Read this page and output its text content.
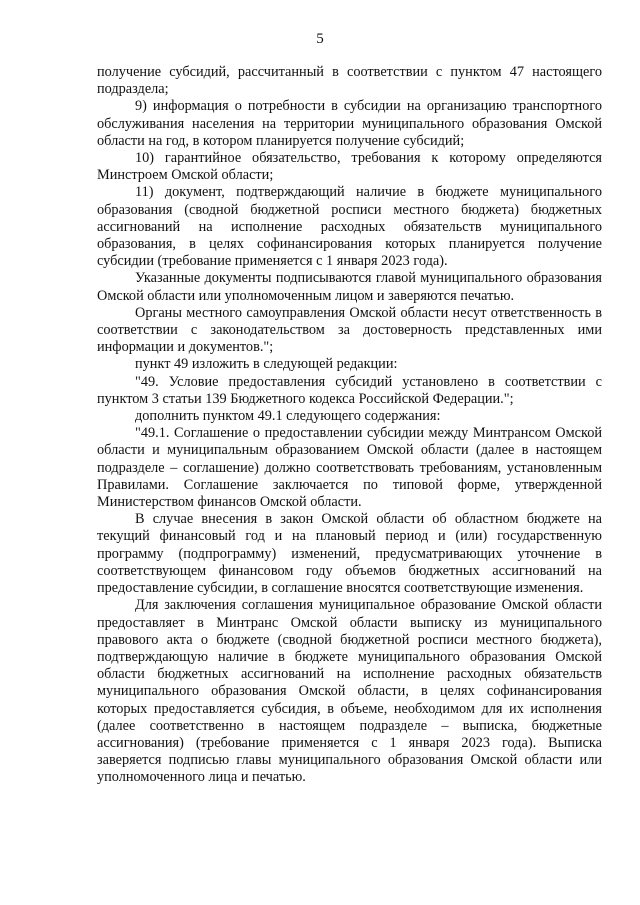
5

получение субсидий, рассчитанный в соответствии с пунктом 47 настоящего подраздела;

9) информация о потребности в субсидии на организацию транспортного обслуживания населения на территории муниципального образования Омской области на год, в котором планируется получение субсидий;

10) гарантийное обязательство, требования к которому определяются Минстроем Омской области;

11) документ, подтверждающий наличие в бюджете муниципального образования (сводной бюджетной росписи местного бюджета) бюджетных ассигнований на исполнение расходных обязательств муниципального образования, в целях софинансирования которых планируется получение субсидии (требование применяется с 1 января 2023 года).

Указанные документы подписываются главой муниципального образования Омской области или уполномоченным лицом и заверяются печатью.

Органы местного самоуправления Омской области несут ответственность в соответствии с законодательством за достоверность представленных ими информации и документов.";

пункт 49 изложить в следующей редакции:

"49. Условие предоставления субсидий установлено в соответствии с пунктом 3 статьи 139 Бюджетного кодекса Российской Федерации.";

дополнить пунктом 49.1 следующего содержания:

"49.1. Соглашение о предоставлении субсидии между Минтрансом Омской области и муниципальным образованием Омской области (далее в настоящем подразделе – соглашение) должно соответствовать требованиям, установленным Правилами. Соглашение заключается по типовой форме, утвержденной Министерством финансов Омской области.

В случае внесения в закон Омской области об областном бюджете на текущий финансовый год и на плановый период и (или) государственную программу (подпрограмму) изменений, предусматривающих уточнение в соответствующем финансовом году объемов бюджетных ассигнований на предоставление субсидии, в соглашение вносятся соответствующие изменения.

Для заключения соглашения муниципальное образование Омской области предоставляет в Минтранс Омской области выписку из муниципального правового акта о бюджете (сводной бюджетной росписи местного бюджета), подтверждающую наличие в бюджете муниципального образования Омской области бюджетных ассигнований на исполнение расходных обязательств муниципального образования Омской области, в целях софинансирования которых предоставляется субсидия, в объеме, необходимом для их исполнения (далее соответственно в настоящем подразделе – выписка, бюджетные ассигнования) (требование применяется с 1 января 2023 года). Выписка заверяется подписью главы муниципального образования Омской области или уполномоченного лица и печатью.
